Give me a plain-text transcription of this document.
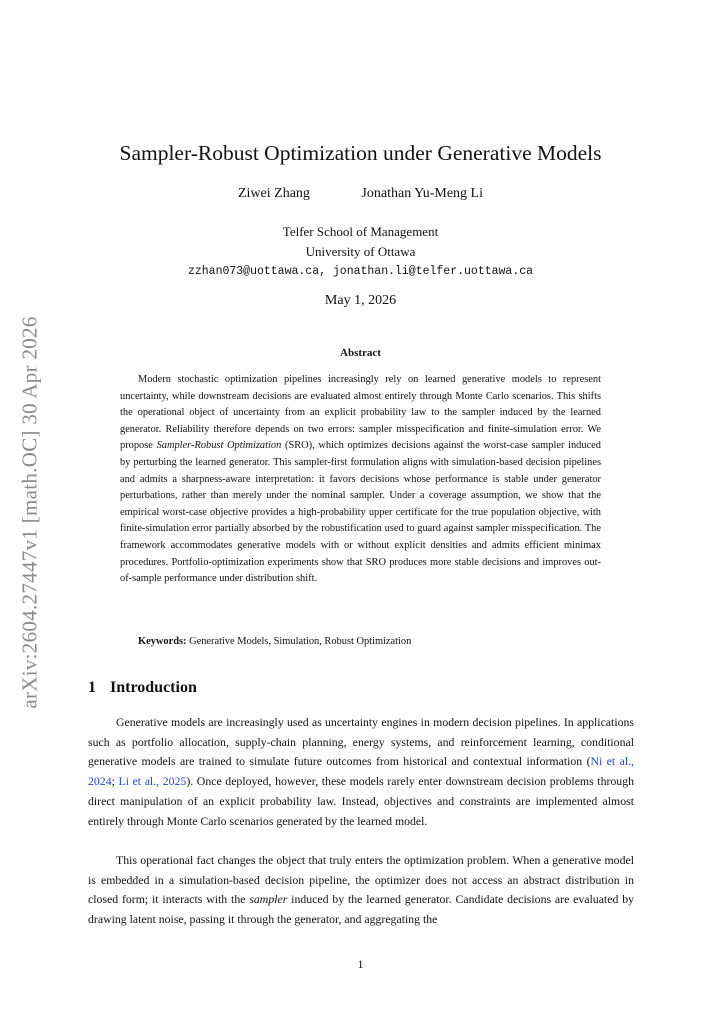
arXiv:2604.27447v1 [math.OC] 30 Apr 2026
Sampler-Robust Optimization under Generative Models
Ziwei Zhang	Jonathan Yu-Meng Li
Telfer School of Management
University of Ottawa
zzhan073@uottawa.ca, jonathan.li@telfer.uottawa.ca
May 1, 2026
Abstract

Modern stochastic optimization pipelines increasingly rely on learned generative models to represent uncertainty, while downstream decisions are evaluated almost entirely through Monte Carlo scenarios. This shifts the operational object of uncertainty from an explicit probability law to the sampler induced by the learned generator. Reliability therefore depends on two errors: sampler misspecification and finite-simulation error. We propose Sampler-Robust Optimization (SRO), which optimizes decisions against the worst-case sampler induced by perturbing the learned generator. This sampler-first formulation aligns with simulation-based decision pipelines and admits a sharpness-aware interpretation: it favors decisions whose performance is stable under generator perturbations, rather than merely under the nominal sampler. Under a coverage assumption, we show that the empirical worst-case objective provides a high-probability upper certificate for the true population objective, with finite-simulation error partially absorbed by the robustification used to guard against sampler misspecification. The framework accommodates generative models with or without explicit densities and admits efficient minimax procedures. Portfolio-optimization experiments show that SRO produces more stable decisions and improves out-of-sample performance under distribution shift.

Keywords: Generative Models, Simulation, Robust Optimization
1 Introduction

Generative models are increasingly used as uncertainty engines in modern decision pipelines. In applications such as portfolio allocation, supply-chain planning, energy systems, and reinforcement learning, conditional generative models are trained to simulate future outcomes from historical and contextual information (Ni et al., 2024; Li et al., 2025). Once deployed, however, these models rarely enter downstream decision problems through direct manipulation of an explicit probability law. Instead, objectives and constraints are implemented almost entirely through Monte Carlo scenarios generated by the learned model.

This operational fact changes the object that truly enters the optimization problem. When a generative model is embedded in a simulation-based decision pipeline, the optimizer does not access an abstract distribution in closed form; it interacts with the sampler induced by the learned generator. Candidate decisions are evaluated by drawing latent noise, passing it through the generator, and aggregating the

1
